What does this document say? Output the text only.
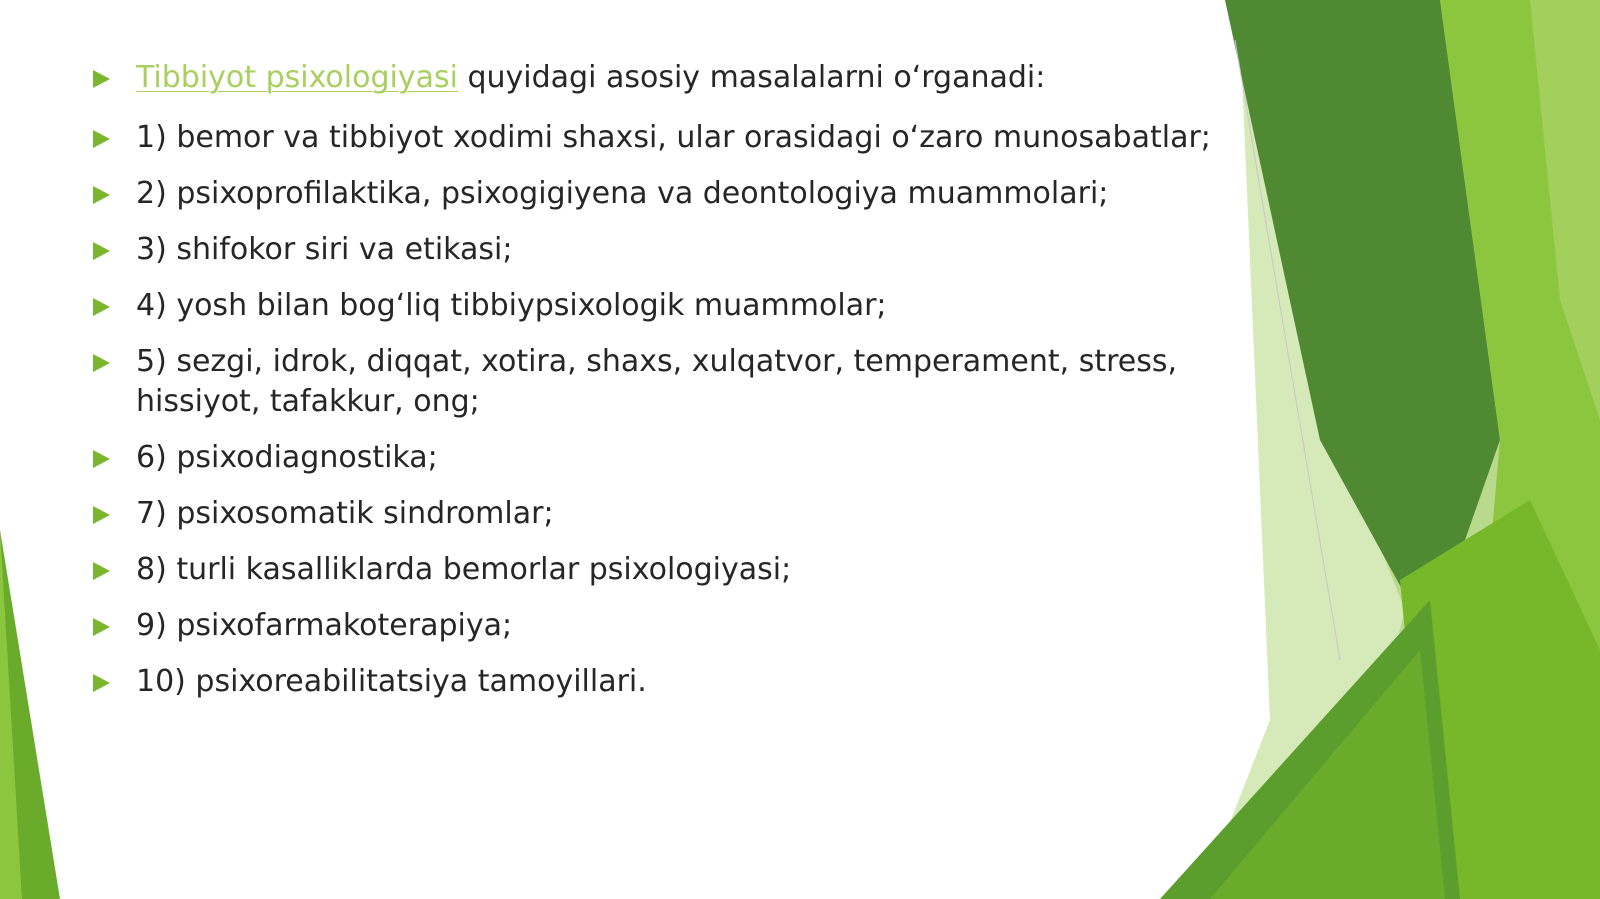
Tibbiyot psixologiyasi quyidagi asosiy masalalarni o‘rganadi:
1) bemor va tibbiyot xodimi shaxsi, ular orasidagi o‘zaro munosabatlar;
2) psixoprofilaktika, psixogigiyena va deontologiya muammolari;
3) shifokor siri va etikasi;
4) yosh bilan bog‘liq tibbiypsixologik muammolar;
5) sezgi, idrok, diqqat, xotira, shaxs, xulqatvor, temperament, stress, hissiyot, tafakkur, ong;
6) psixodiagnostika;
7) psixosomatik sindromlar;
8) turli kasalliklarda bemorlar psixologiyasi;
9) psixofarmakoterapiya;
10) psixoreabilitatsiya tamoyillari.
